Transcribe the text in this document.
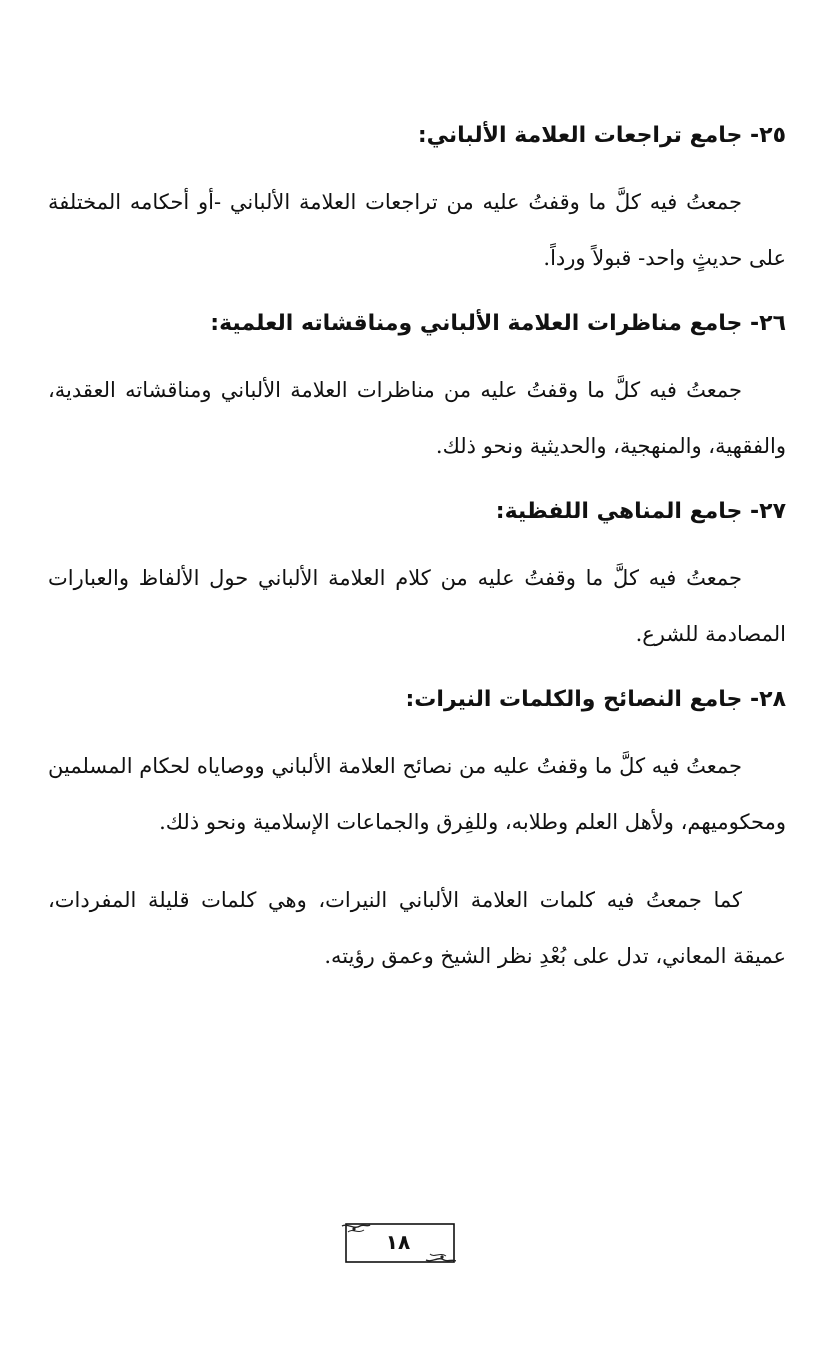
٢٥- جامع تراجعات العلامة الألباني:

جمعتُ فيه كلَّ ما وقفتُ عليه من تراجعات العلامة الألباني -أو أحكامه المختلفة على حديثٍ واحد- قبولاً ورداً.

٢٦- جامع مناظرات العلامة الألباني ومناقشاته العلمية:

جمعتُ فيه كلَّ ما وقفتُ عليه من مناظرات العلامة الألباني ومناقشاته العقدية، والفقهية، والمنهجية، والحديثية ونحو ذلك.

٢٧- جامع المناهي اللفظية:

جمعتُ فيه كلَّ ما وقفتُ عليه من كلام العلامة الألباني حول الألفاظ والعبارات المصادمة للشرع.

٢٨- جامع النصائح والكلمات النيرات:

جمعتُ فيه كلَّ ما وقفتُ عليه من نصائح العلامة الألباني ووصاياه لحكام المسلمين ومحكوميهم، ولأهل العلم وطلابه، وللفِرق والجماعات الإسلامية ونحو ذلك.

كما جمعتُ فيه كلمات العلامة الألباني النيرات، وهي كلمات قليلة المفردات، عميقة المعاني، تدل على بُعْدِ نظر الشيخ وعمق رؤيته.

١٨
